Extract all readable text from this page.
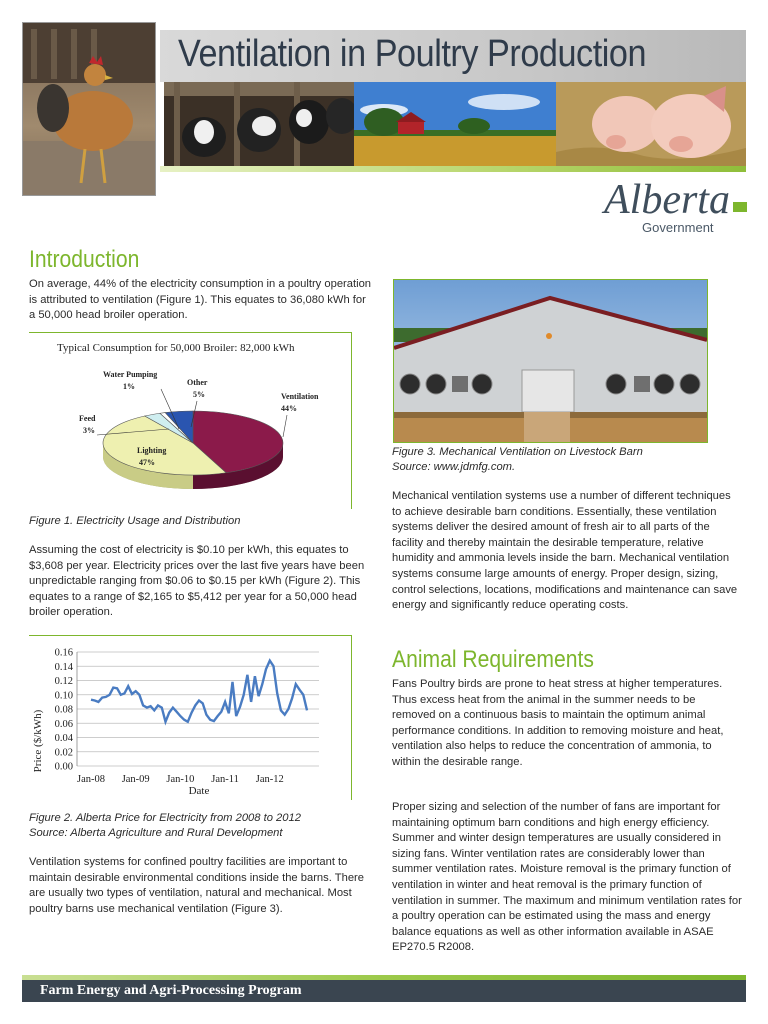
Ventilation in Poultry Production
Alberta
Government
Introduction
On average, 44% of the electricity consumption in a poultry operation is attributed to ventilation (Figure 1). This equates to 36,080 kWh for a 50,000 head broiler operation.
Typical Consumption for 50,000 Broiler: 82,000 kWh
Ventilation
44%
Lighting
47%
Feed
3%
Water Pumping
1%	Other
5%
Figure 1. Electricity Usage and Distribution
Assuming the cost of electricity is $0.10 per kWh, this equates to $3,608 per year. Electricity prices over the last five years have been unpredictable ranging from $0.06 to $0.15 per kWh (Figure 2). This equates to a range of $2,165 to $5,412 per year for a 50,000 head broiler operation.
0.00
0.02
0.04
0.06
0.08
0.10
0.12
0.14
0.16
Jan-08 Jan-09 Jan-10 Jan-11 Jan-12
Price ($/kWh)
Date
Figure 2. Alberta Price for Electricity from 2008 to 2012
Source: Alberta Agriculture and Rural Development
Ventilation systems for confined poultry facilities are important to maintain desirable environmental conditions inside the barns. There are usually two types of ventilation, natural and mechanical. Most poultry barns use mechanical ventilation (Figure 3).
Figure 3. Mechanical Ventilation on Livestock Barn
Source: www.jdmfg.com.
Mechanical ventilation systems use a number of different techniques to achieve desirable barn conditions. Essentially, these ventilation systems deliver the desired amount of fresh air to all parts of the facility and thereby maintain the desirable temperature, relative humidity and ammonia levels inside the barn. Mechanical ventilation systems consume large amounts of energy. Proper design, sizing, control selections, locations, modifications and maintenance can save energy and significantly reduce operating costs.
Animal Requirements
Fans Poultry birds are prone to heat stress at higher temperatures. Thus excess heat from the animal in the summer needs to be removed on a continuous basis to maintain the optimum animal performance conditions. In addition to removing moisture and heat, ventilation also helps to reduce the concentration of ammonia, to within the desirable range.
Proper sizing and selection of the number of fans are important for maintaining optimum barn conditions and high energy efficiency. Summer and winter design temperatures are usually considered in sizing fans. Winter ventilation rates are considerably lower than summer ventilation rates. Moisture removal is the primary function of ventilation in winter and heat removal is the primary function of ventilation in summer. The maximum and minimum ventilation rates for a poultry operation can be estimated using the mass and energy balance equations as well as other information available in ASAE EP270.5 R2008.
Farm Energy and Agri-Processing Program
